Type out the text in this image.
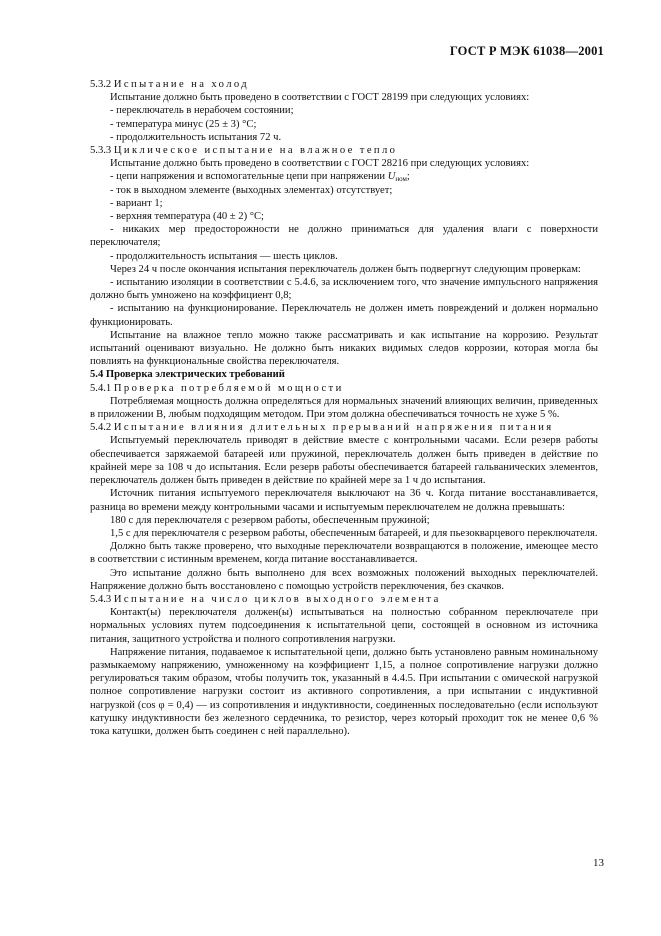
ГОСТ Р МЭК 61038—2001

5.3.2 Испытание на холод

Испытание должно быть проведено в соответствии с ГОСТ 28199 при следующих условиях:

- переключатель в нерабочем состоянии;

- температура минус (25 ± 3) °С;

- продолжительность испытания 72 ч.

5.3.3 Циклическое испытание на влажное тепло

Испытание должно быть проведено в соответствии с ГОСТ 28216 при следующих условиях:

- цепи напряжения и вспомогательные цепи при напряжении $U_{ном}$;

- ток в выходном элементе (выходных элементах) отсутствует;

- вариант 1;

- верхняя температура (40 ± 2) °С;

- никаких мер предосторожности не должно приниматься для удаления влаги с поверхности переключателя;

- продолжительность испытания — шесть циклов.

Через 24 ч после окончания испытания переключатель должен быть подвергнут следующим проверкам:

- испытанию изоляции в соответствии с 5.4.6, за исключением того, что значение импульсного напряжения должно быть умножено на коэффициент 0,8;

- испытанию на функционирование. Переключатель не должен иметь повреждений и должен нормально функционировать.

Испытание на влажное тепло можно также рассматривать и как испытание на коррозию. Результат испытаний оценивают визуально. Не должно быть никаких видимых следов коррозии, которая могла бы повлиять на функциональные свойства переключателя.

5.4 Проверка электрических требований

5.4.1 Проверка потребляемой мощности

Потребляемая мощность должна определяться для нормальных значений влияющих величин, приведенных в приложении В, любым подходящим методом. При этом должна обеспечиваться точность не хуже 5 %.

5.4.2 Испытание влияния длительных прерываний напряжения питания

Испытуемый переключатель приводят в действие вместе с контрольными часами. Если резерв работы обеспечивается заряжаемой батареей или пружиной, переключатель должен быть приведен в действие по крайней мере за 108 ч до испытания. Если резерв работы обеспечивается батареей гальванических элементов, переключатель должен быть приведен в действие по крайней мере за 1 ч до испытания.

Источник питания испытуемого переключателя выключают на 36 ч. Когда питание восстанавливается, разница во времени между контрольными часами и испытуемым переключателем не должна превышать:

180 с для переключателя с резервом работы, обеспеченным пружиной;

1,5 с для переключателя с резервом работы, обеспеченным батареей, и для пьезокварцевого переключателя.

Должно быть также проверено, что выходные переключатели возвращаются в положение, имеющее место в соответствии с истинным временем, когда питание восстанавливается.

Это испытание должно быть выполнено для всех возможных положений выходных переключателей. Напряжение должно быть восстановлено с помощью устройств переключения, без скачков.

5.4.3 Испытание на число циклов выходного элемента

Контакт(ы) переключателя должен(ы) испытываться на полностью собранном переключателе при нормальных условиях путем подсоединения к испытательной цепи, состоящей в основном из источника питания, защитного устройства и полного сопротивления нагрузки.

Напряжение питания, подаваемое к испытательной цепи, должно быть установлено равным номинальному размыкаемому напряжению, умноженному на коэффициент 1,15, а полное сопротивление нагрузки должно регулироваться таким образом, чтобы получить ток, указанный в 4.4.5. При испытании с омической нагрузкой полное сопротивление нагрузки состоит из активного сопротивления, а при испытании с индуктивной нагрузкой (cos φ = 0,4) — из сопротивления и индуктивности, соединенных последовательно (если используют катушку индуктивности без железного сердечника, то резистор, через который проходит ток не менее 0,6 % тока катушки, должен быть соединен с ней параллельно).

13
